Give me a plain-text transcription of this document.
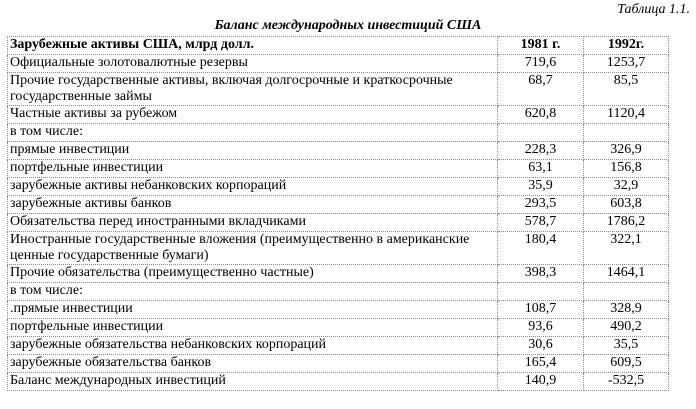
Таблица 1.1.
Баланс международных инвестиций США
Зарубежные активы США, млрд долл.	1981 г.	1992г.
Официальные золотовалютные резервы	719,6	1253,7
Прочие государственные активы, включая долгосрочные и краткосрочные государственные займы	68,7	85,5
Частные активы за рубежом	620,8	1120,4
в том числе:		
прямые инвестиции	228,3	326,9
портфельные инвестиции	63,1	156,8
зарубежные активы небанковских корпораций	35,9	32,9
зарубежные активы банков	293,5	603,8
Обязательства перед иностранными вкладчиками	578,7	1786,2
Иностранные государственные вложения (преимущественно в американские ценные государственные бумаги)	180,4	322,1
Прочие обязательства (преимущественно частные)	398,3	1464,1
в том числе:		
.прямые инвестиции	108,7	328,9
портфельные инвестиции	93,6	490,2
зарубежные обязательства небанковских корпораций	30,6	35,5
зарубежные обязательства банков	165,4	609,5
Баланс международных инвестиций	140,9	-532,5
